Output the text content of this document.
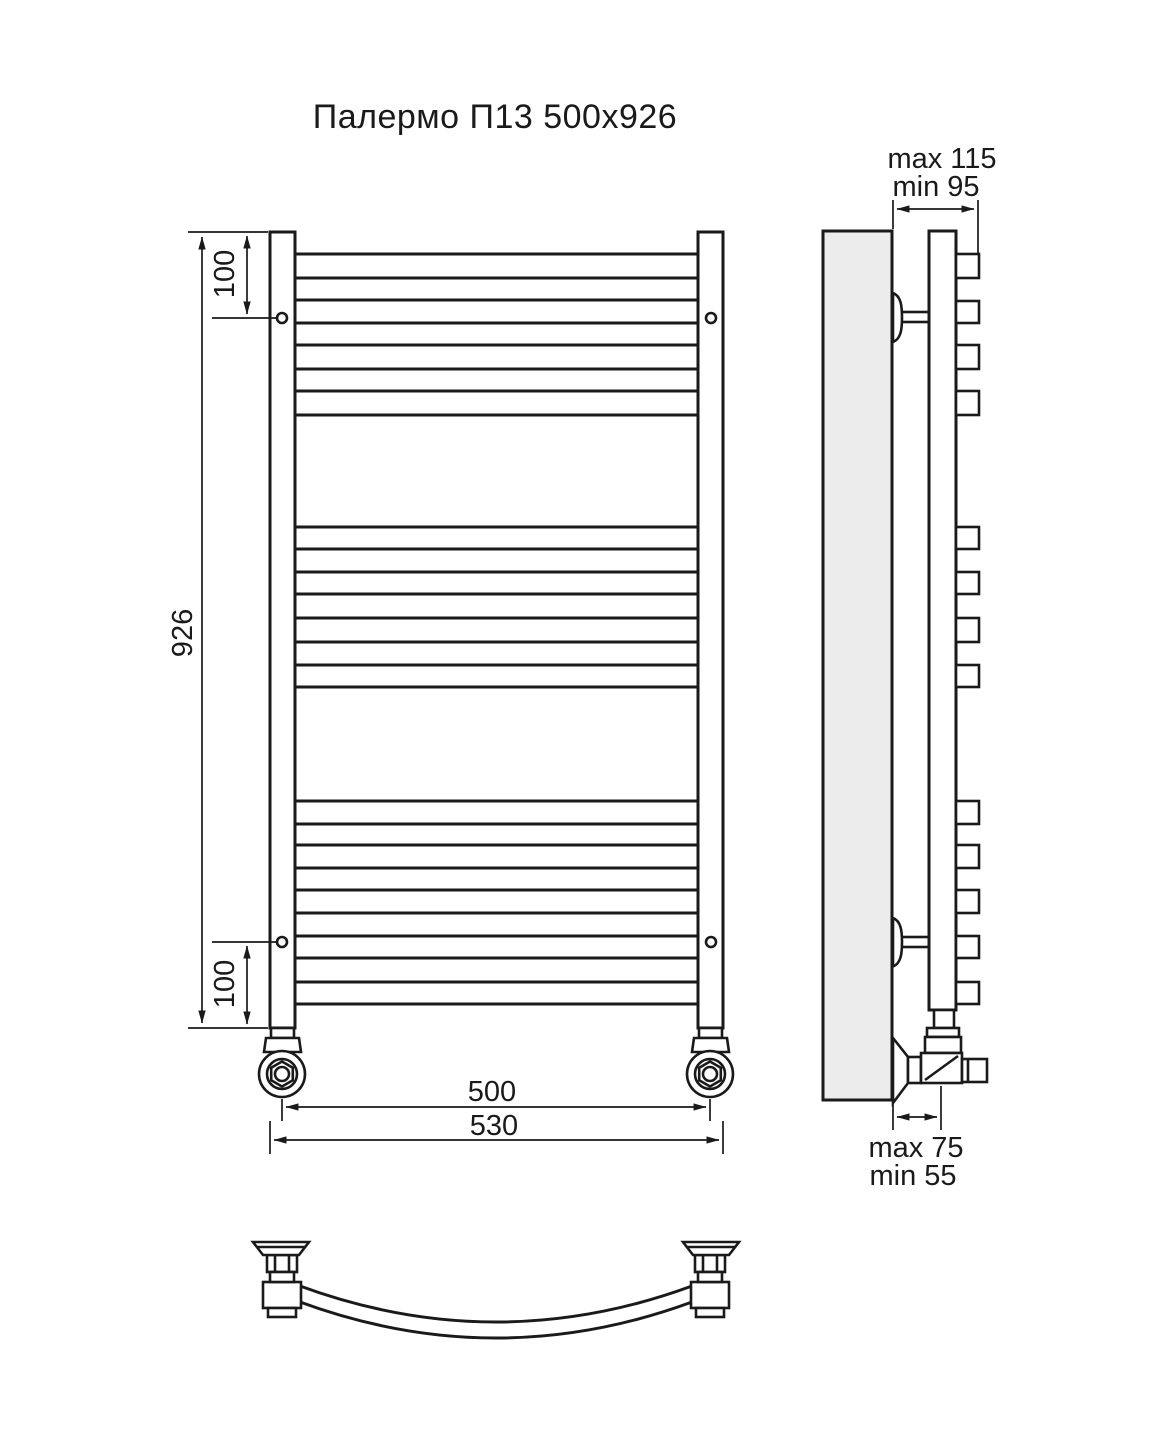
926
100
100
500
530
max 115
min 95
max 75
min 55
Палермо П13 500x926
